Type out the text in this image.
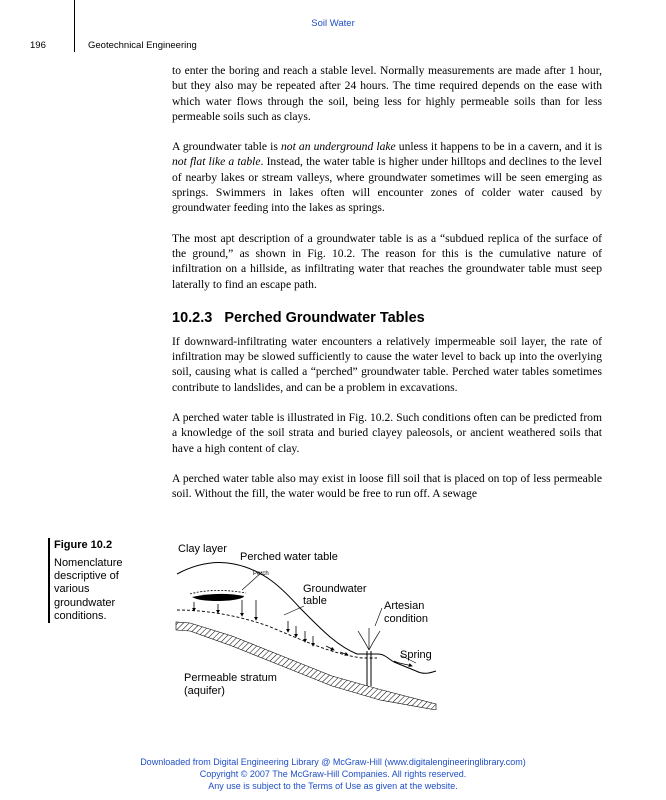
Soil Water
196	Geotechnical Engineering

to enter the boring and reach a stable level. Normally measurements are made after 1 hour, but they also may be repeated after 24 hours. The time required depends on the ease with which water flows through the soil, being less for highly permeable soils than for less permeable soils such as clays.

A groundwater table is not an underground lake unless it happens to be in a cavern, and it is not flat like a table. Instead, the water table is higher under hilltops and declines to the level of nearby lakes or stream valleys, where groundwater sometimes will be seen emerging as springs. Swimmers in lakes often will encounter zones of colder water caused by groundwater feeding into the lakes as springs.

The most apt description of a groundwater table is as a “subdued replica of the surface of the ground,” as shown in Fig. 10.2. The reason for this is the cumulative nature of infiltration on a hillside, as infiltrating water that reaches the groundwater table must seep laterally to find an escape path.

10.2.3 Perched Groundwater Tables

If downward-infiltrating water encounters a relatively impermeable soil layer, the rate of infiltration may be slowed sufficiently to cause the water level to back up into the overlying soil, causing what is called a “perched” groundwater table. Perched water tables sometimes contribute to landslides, and can be a problem in excavations.

A perched water table is illustrated in Fig. 10.2. Such conditions often can be predicted from a knowledge of the soil strata and buried clayey paleosols, or ancient weathered soils that have a high content of clay.

A perched water table also may exist in loose fill soil that is placed on top of less permeable soil. Without the fill, the water would be free to run off. A sewage

Figure 10.2
Nomenclature descriptive of various groundwater conditions.
Clay layer
Perched water table
Perch
Groundwater
table	Artesian
condition
Spring
Permeable stratum
(aquifer)
Downloaded from Digital Engineering Library @ McGraw-Hill (www.digitalengineeringlibrary.com)
Copyright © 2007 The McGraw-Hill Companies. All rights reserved.
Any use is subject to the Terms of Use as given at the website.
